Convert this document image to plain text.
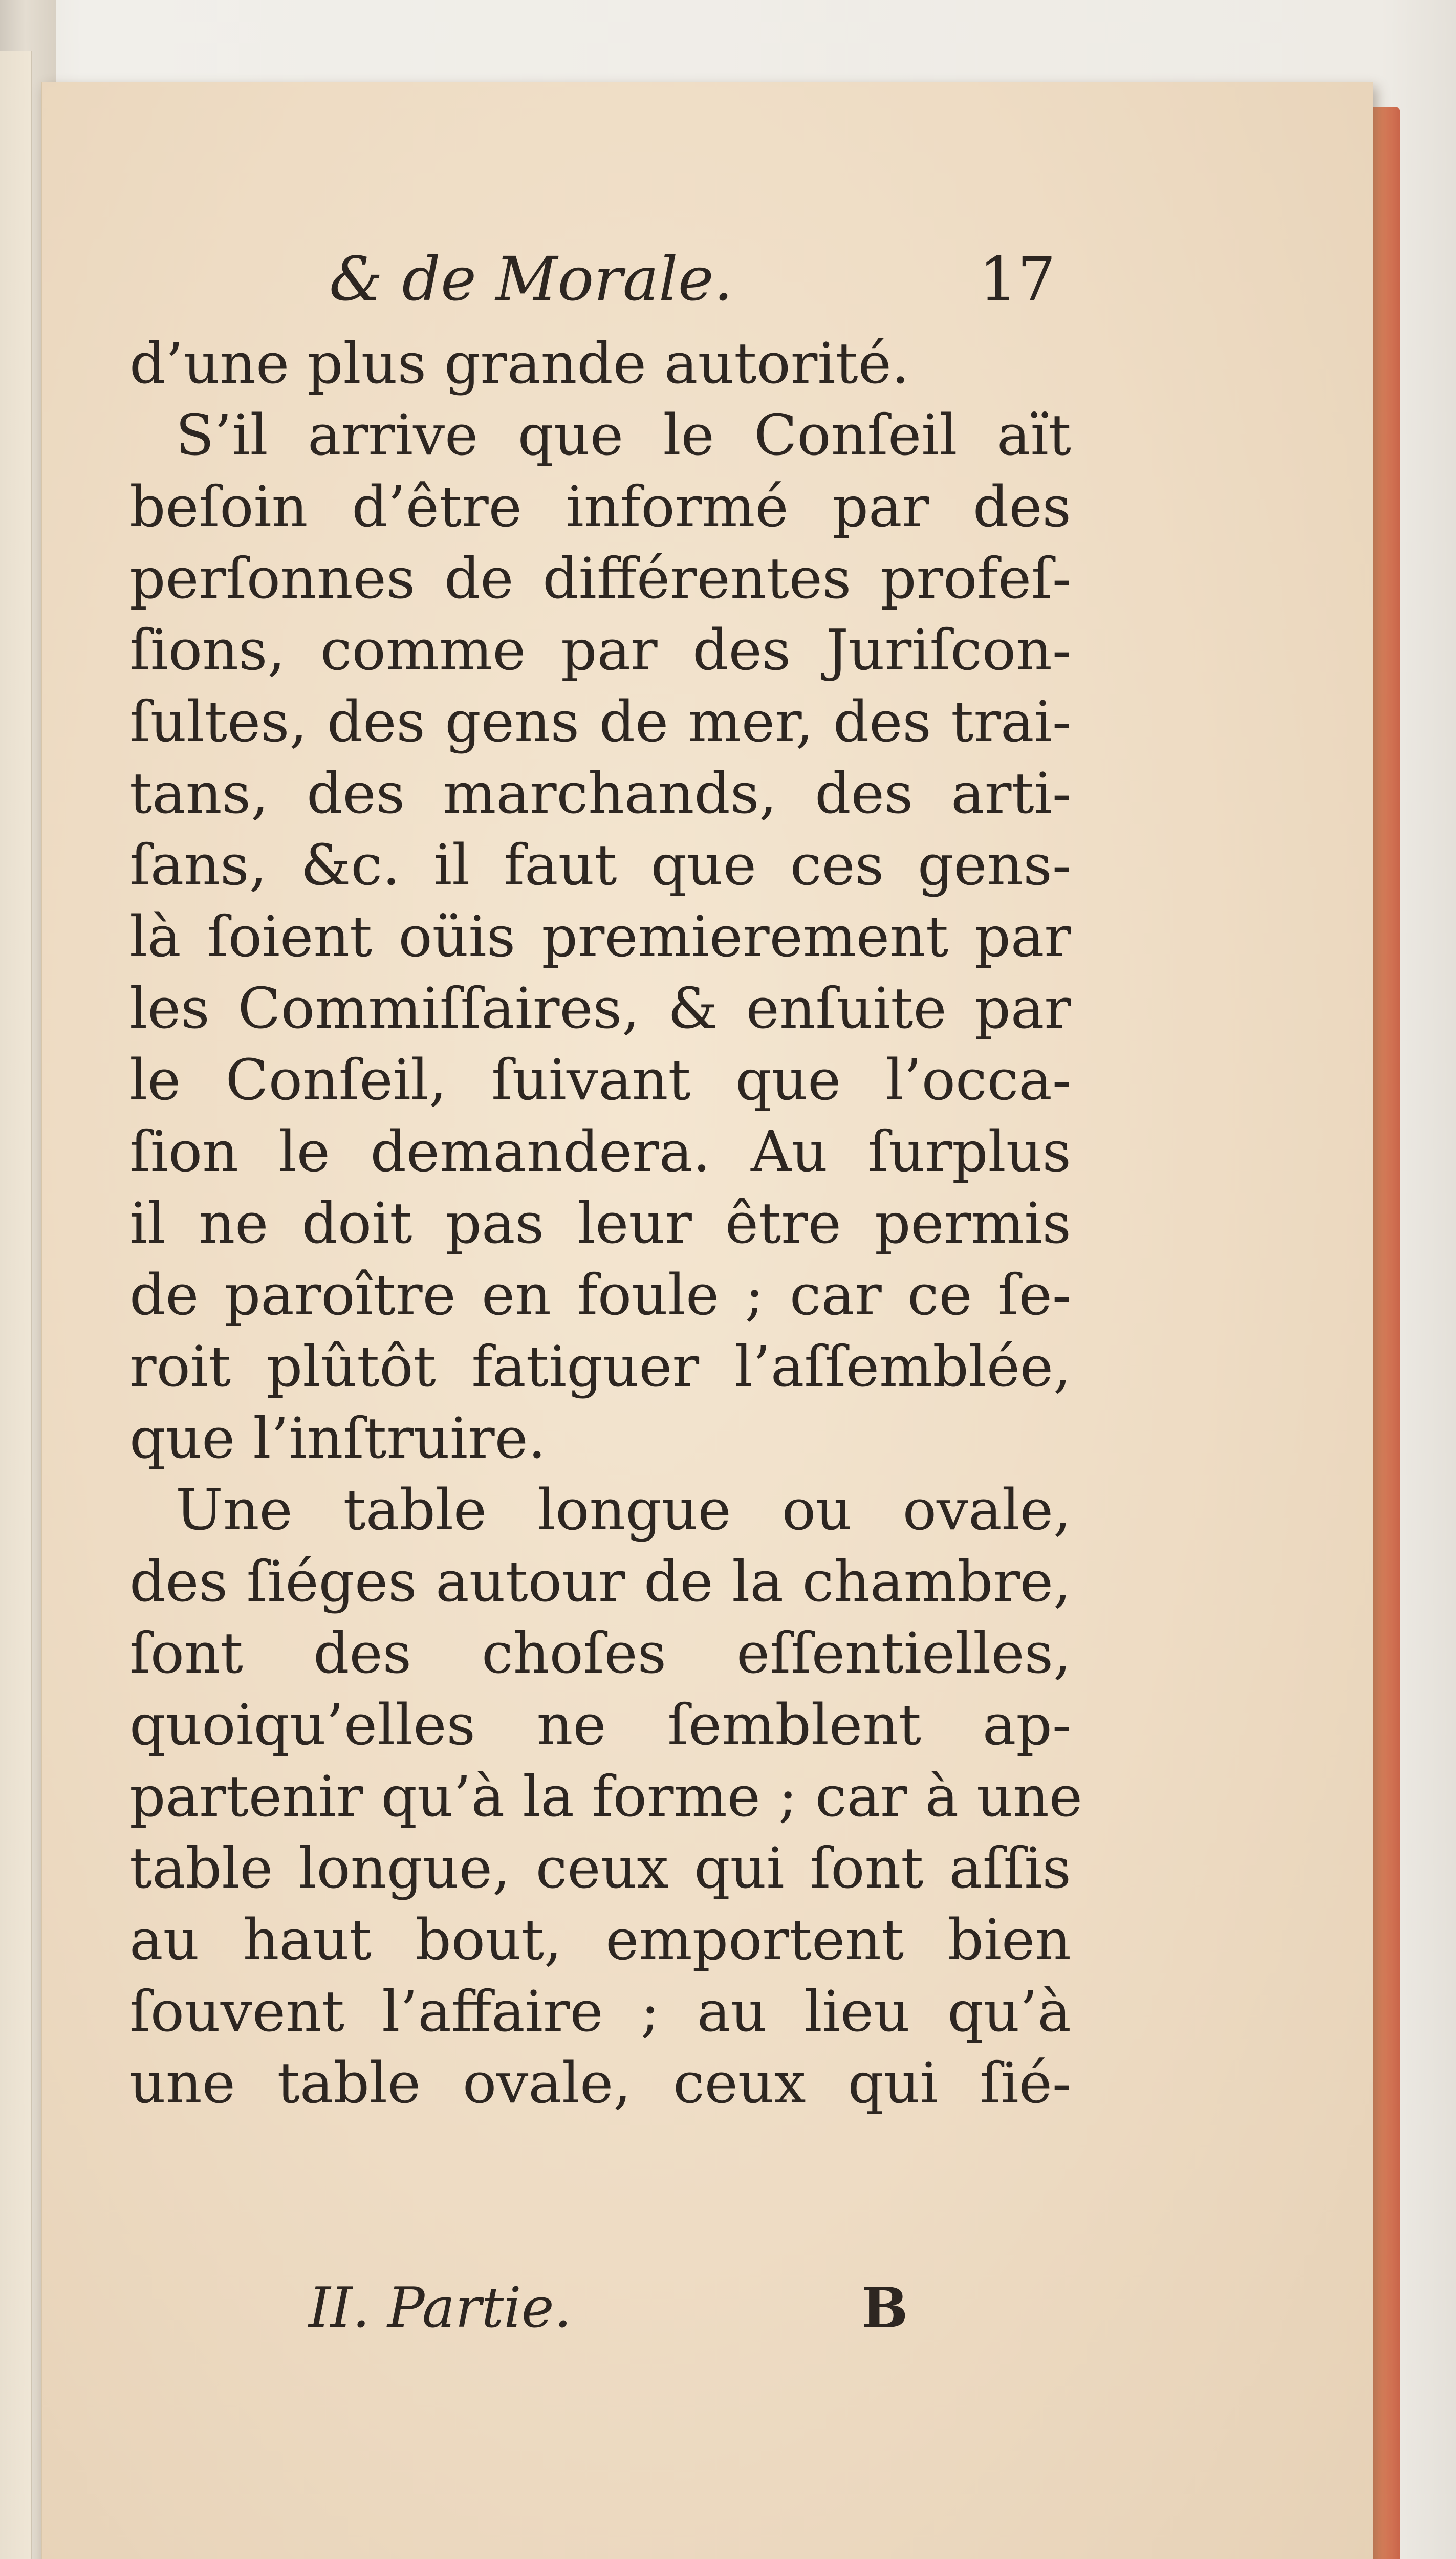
& de Morale.	17

d’une plus grande autorité.

S’il arrive que le Conſeil aït

beſoin d’être informé par des

perſonnes de différentes profeſ-

ſions, comme par des Juriſcon-

ſultes, des gens de mer, des trai-

tans, des marchands, des arti-

ſans, &c. il faut que ces gens-

là ſoient oüis premierement par

les Commiſſaires, & enſuite par

le Conſeil, ſuivant que l’occa-

ſion le demandera. Au ſurplus

il ne doit pas leur être permis

de paroître en foule ; car ce ſe-

roit plûtôt fatiguer l’aſſemblée,

que l’inſtruire.

Une table longue ou ovale,

des ſiéges autour de la chambre,

ſont des choſes eſſentielles,

quoiqu’elles ne ſemblent ap-

partenir qu’à la forme ; car à une

table longue, ceux qui ſont aſſis

au haut bout, emportent bien

ſouvent l’affaire ; au lieu qu’à

une table ovale, ceux qui ſié-

II. Partie.	B
